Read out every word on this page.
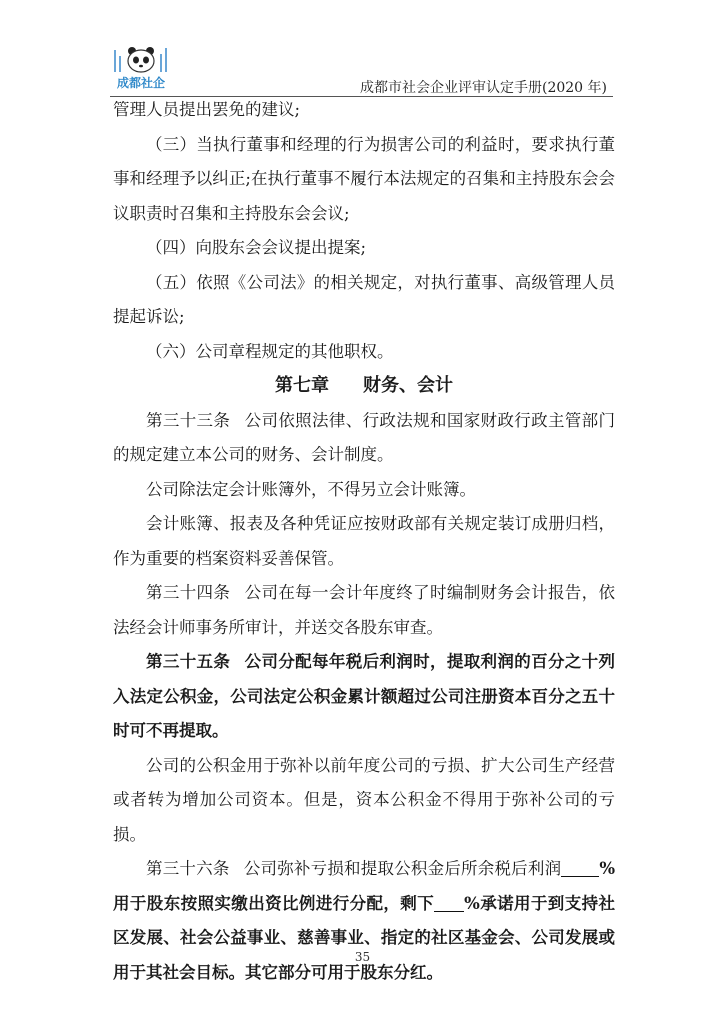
成都社企	成都市社会企业评审认定手册(2020 年)

管理人员提出罢免的建议;

（三）当执行董事和经理的行为损害公司的利益时，要求执行董事和经理予以纠正;在执行董事不履行本法规定的召集和主持股东会会议职责时召集和主持股东会会议;

（四）向股东会会议提出提案;

（五）依照《公司法》的相关规定，对执行董事、高级管理人员提起诉讼;

（六）公司章程规定的其他职权。

第七章 财务、会计

第三十三条 公司依照法律、行政法规和国家财政行政主管部门的规定建立本公司的财务、会计制度。

公司除法定会计账簿外，不得另立会计账簿。

会计账簿、报表及各种凭证应按财政部有关规定装订成册归档，作为重要的档案资料妥善保管。

第三十四条 公司在每一会计年度终了时编制财务会计报告，依法经会计师事务所审计，并送交各股东审查。

第三十五条 公司分配每年税后利润时，提取利润的百分之十列入法定公积金，公司法定公积金累计额超过公司注册资本百分之五十时可不再提取。

公司的公积金用于弥补以前年度公司的亏损、扩大公司生产经营或者转为增加公司资本。但是，资本公积金不得用于弥补公司的亏损。

第三十六条 公司弥补亏损和提取公积金后所余税后利润 %用于股东按照实缴出资比例进行分配，剩下 %承诺用于到支持社区发展、社会公益事业、慈善事业、指定的社区基金会、公司发展或用于其社会目标。其它部分可用于股东分红。

35
